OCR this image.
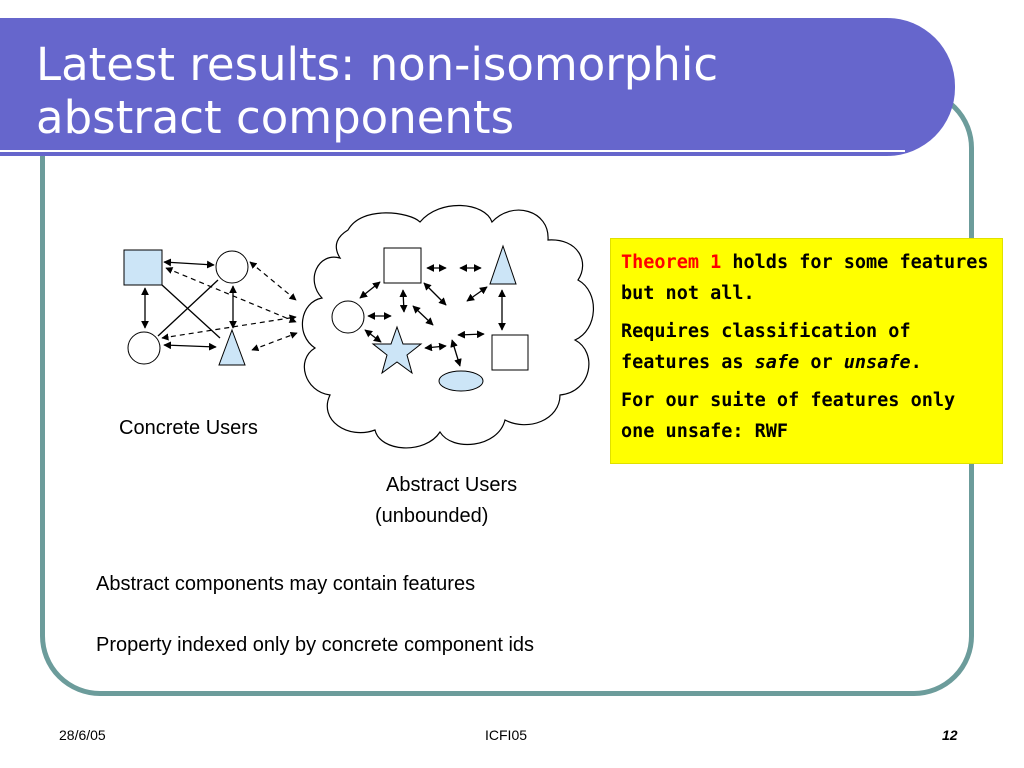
Latest results: non-isomorphic
abstract components
Concrete Users
Abstract Users
(unbounded)

Theorem 1 holds for some features but not all.

Requires classification of features as safe or unsafe.

For our suite of features only one unsafe: RWF

Abstract components may contain features
Property indexed only by concrete component ids
28/6/05	ICFI05	12
